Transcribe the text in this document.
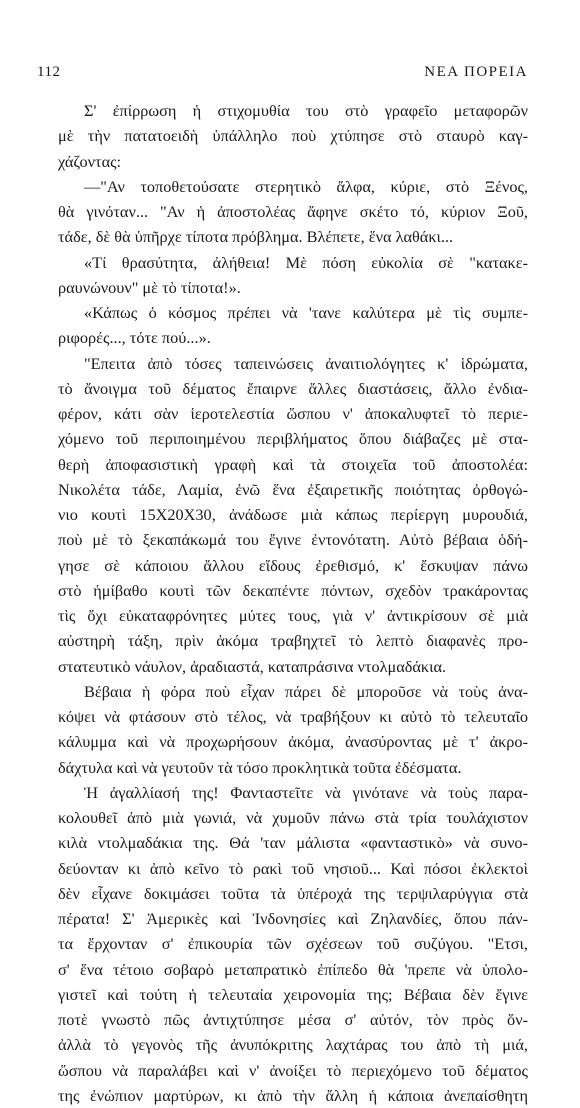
112	ΝΕΑ ΠΟΡΕΙΑ
Σ' ἐπίρρωση ἡ στιχομυθία του στὸ γραφεῖο μεταφορῶν
μὲ τὴν πατατοειδὴ ὑπάλληλο ποὺ χτύπησε στὸ σταυρὸ καγ-
χάζοντας:
—"Αν τοποθετούσατε στερητικὸ ἄλφα, κύριε, στὸ Ξένος,
θὰ γινόταν... "Αν ἡ ἀποστολέας ἄφηνε σκέτο τό, κύριον Ξοῦ,
τάδε, δὲ θὰ ὑπῆρχε τίποτα πρόβλημα. Βλέπετε, ἕνα λαθάκι...
«Τί θρασύτητα, ἀλήθεια! Μὲ πόση εὐκολία σὲ "κατακε-
ραυνώνουν" μὲ τὸ τίποτα!».
«Κάπως ὁ κόσμος πρέπει νὰ 'τανε καλύτερα μὲ τὶς συμπε-
ριφορές..., τότε πού...».
"Επειτα ἀπὸ τόσες ταπεινώσεις ἀναιτιολόγητες κ' ἱδρώματα,
τὸ ἄνοιγμα τοῦ δέματος ἔπαιρνε ἄλλες διαστάσεις, ἄλλο ἐνδια-
φέρον, κάτι σὰν ἱεροτελεστία ὥσπου ν' ἀποκαλυφτεῖ τὸ περιε-
χόμενο τοῦ περιποιημένου περιβλήματος ὅπου διάβαζες μὲ στα-
θερὴ ἀποφασιστικὴ γραφὴ καὶ τὰ στοιχεῖα τοῦ ἀποστολέα:
Νικολέτα τάδε, Λαμία, ἐνῶ ἕνα ἐξαιρετικῆς ποιότητας ὀρθογώ-
νιο κουτὶ 15Χ20Χ30, ἀνάδωσε μιὰ κάπως περίεργη μυρουδιά,
ποὺ μὲ τὸ ξεκαπάκωμά του ἔγινε ἐντονότατη. Αὐτὸ βέβαια ὁδή-
γησε σὲ κάποιου ἄλλου εἴδους ἐρεθισμό, κ' ἔσκυψαν πάνω
στὸ ἡμίβαθο κουτὶ τῶν δεκαπέντε πόντων, σχεδὸν τρακάροντας
τὶς ὄχι εὐκαταφρόνητες μύτες τους, γιὰ ν' ἀντικρίσουν σὲ μιὰ
αὐστηρὴ τάξη, πρὶν ἀκόμα τραβηχτεῖ τὸ λεπτὸ διαφανὲς προ-
στατευτικὸ νάυλον, ἀραδιαστά, καταπράσινα ντολμαδάκια.
Βέβαια ἡ φόρα ποὺ εἶχαν πάρει δὲ μποροῦσε νὰ τοὺς ἀνα-
κόψει νὰ φτάσουν στὸ τέλος, νὰ τραβήξουν κι αὐτὸ τὸ τελευταῖο
κάλυμμα καὶ νὰ προχωρήσουν ἀκόμα, ἀνασύροντας μὲ τ' ἀκρο-
δάχτυλα καὶ νὰ γευτοῦν τὰ τόσο προκλητικὰ τοῦτα ἐδέσματα.
Ἡ ἀγαλλίασή της! Φανταστεῖτε νὰ γινότανε νὰ τοὺς παρα-
κολουθεῖ ἀπὸ μιὰ γωνιά, νὰ χυμοῦν πάνω στὰ τρία τουλάχιστον
κιλὰ ντολμαδάκια της. Θά 'ταν μάλιστα «φανταστικὸ» νὰ συνο-
δεύονταν κι ἀπὸ κεῖνο τὸ ρακὶ τοῦ νησιοῦ... Καὶ πόσοι ἐκλεκτοὶ
δὲν εἶχανε δοκιμάσει τοῦτα τὰ ὑπέροχά της τερψιλαρύγγια στὰ
πέρατα! Σ' Ἀμερικὲς καὶ Ἰνδονησίες καὶ Ζηλανδίες, ὅπου πάν-
τα ἔρχονταν σ' ἐπικουρία τῶν σχέσεων τοῦ συζύγου. "Ετσι,
σ' ἕνα τέτοιο σοβαρὸ μεταπρατικὸ ἐπίπεδο θὰ 'πρεπε νὰ ὑπολο-
γιστεῖ καὶ τούτη ἡ τελευταία χειρονομία της; Βέβαια δὲν ἔγινε
ποτὲ γνωστὸ πῶς ἀντιχτύπησε μέσα σ' αὐτόν, τὸν πρὸς ὅν-
ἀλλὰ τὸ γεγονὸς τῆς ἀνυπόκριτης λαχτάρας του ἀπὸ τὴ μιά,
ὥσπου νὰ παραλάβει καὶ ν' ἀνοίξει τὸ περιεχόμενο τοῦ δέματος
της ἐνώπιον μαρτύρων, κι ἀπὸ τὴν ἄλλη ἡ κάποια ἀνεπαίσθητη
